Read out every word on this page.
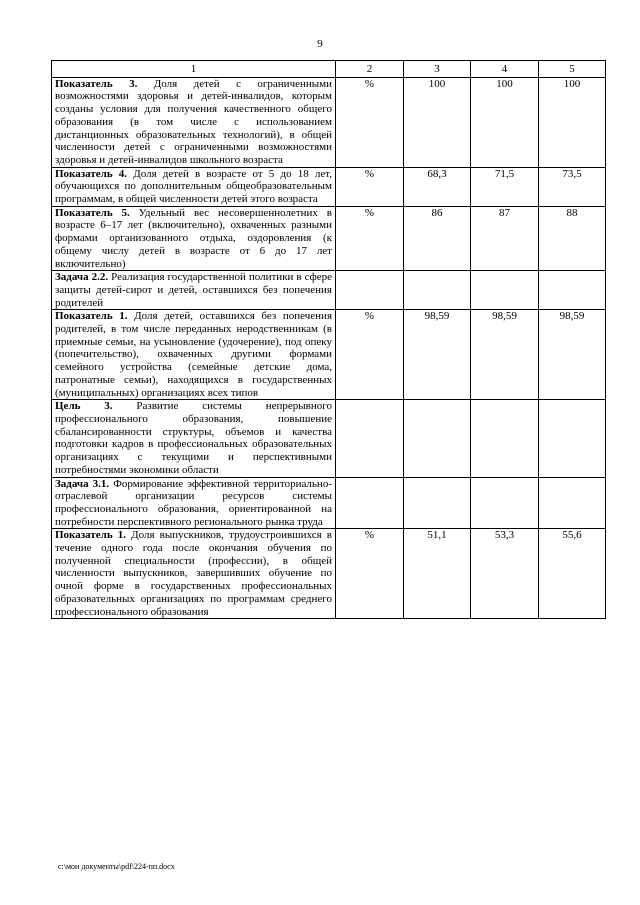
9
1	2	3	4	5
Показатель 3. Доля детей с ограниченными возможностями здоровья и детей-инвалидов, которым созданы условия для получения качественного общего образования (в том числе с использованием дистанционных образовательных технологий), в общей численности детей с ограниченными возможностями здоровья и детей-инвалидов школьного возраста	%	100	100	100
Показатель 4. Доля детей в возрасте от 5 до 18 лет, обучающихся по дополнительным общеобразовательным программам, в общей численности детей этого возраста	%	68,3	71,5	73,5
Показатель 5. Удельный вес несовершеннолетних в возрасте 6–17 лет (включительно), охваченных разными формами организованного отдыха, оздоровления (к общему числу детей в возрасте от 6 до 17 лет включительно)	%	86	87	88
Задача 2.2. Реализация государственной политики в сфере защиты детей-сирот и детей, оставшихся без попечения родителей				
Показатель 1. Доля детей, оставшихся без попечения родителей, в том числе переданных неродственникам (в приемные семьи, на усыновление (удочерение), под опеку (попечительство), охваченных другими формами семейного устройства (семейные детские дома, патронатные семьи), находящихся в государственных (муниципальных) организациях всех типов	%	98,59	98,59	98,59
Цель 3. Развитие системы непрерывного профессионального образования, повышение сбалансированности структуры, объемов и качества подготовки кадров в профессиональных образовательных организациях с текущими и перспективными потребностями экономики области				
Задача 3.1. Формирование эффективной территориально-отраслевой организации ресурсов системы профессионального образования, ориентированной на потребности перспективного регионального рынка труда				
Показатель 1. Доля выпускников, трудоустроившихся в течение одного года после окончания обучения по полученной специальности (профессии), в общей численности выпускников, завершивших обучение по очной форме в государственных профессиональных образовательных организациях по программам среднего профессионального образования	%	51,1	53,3	55,6
c:\мои документы\pdf\224-пп.docx
